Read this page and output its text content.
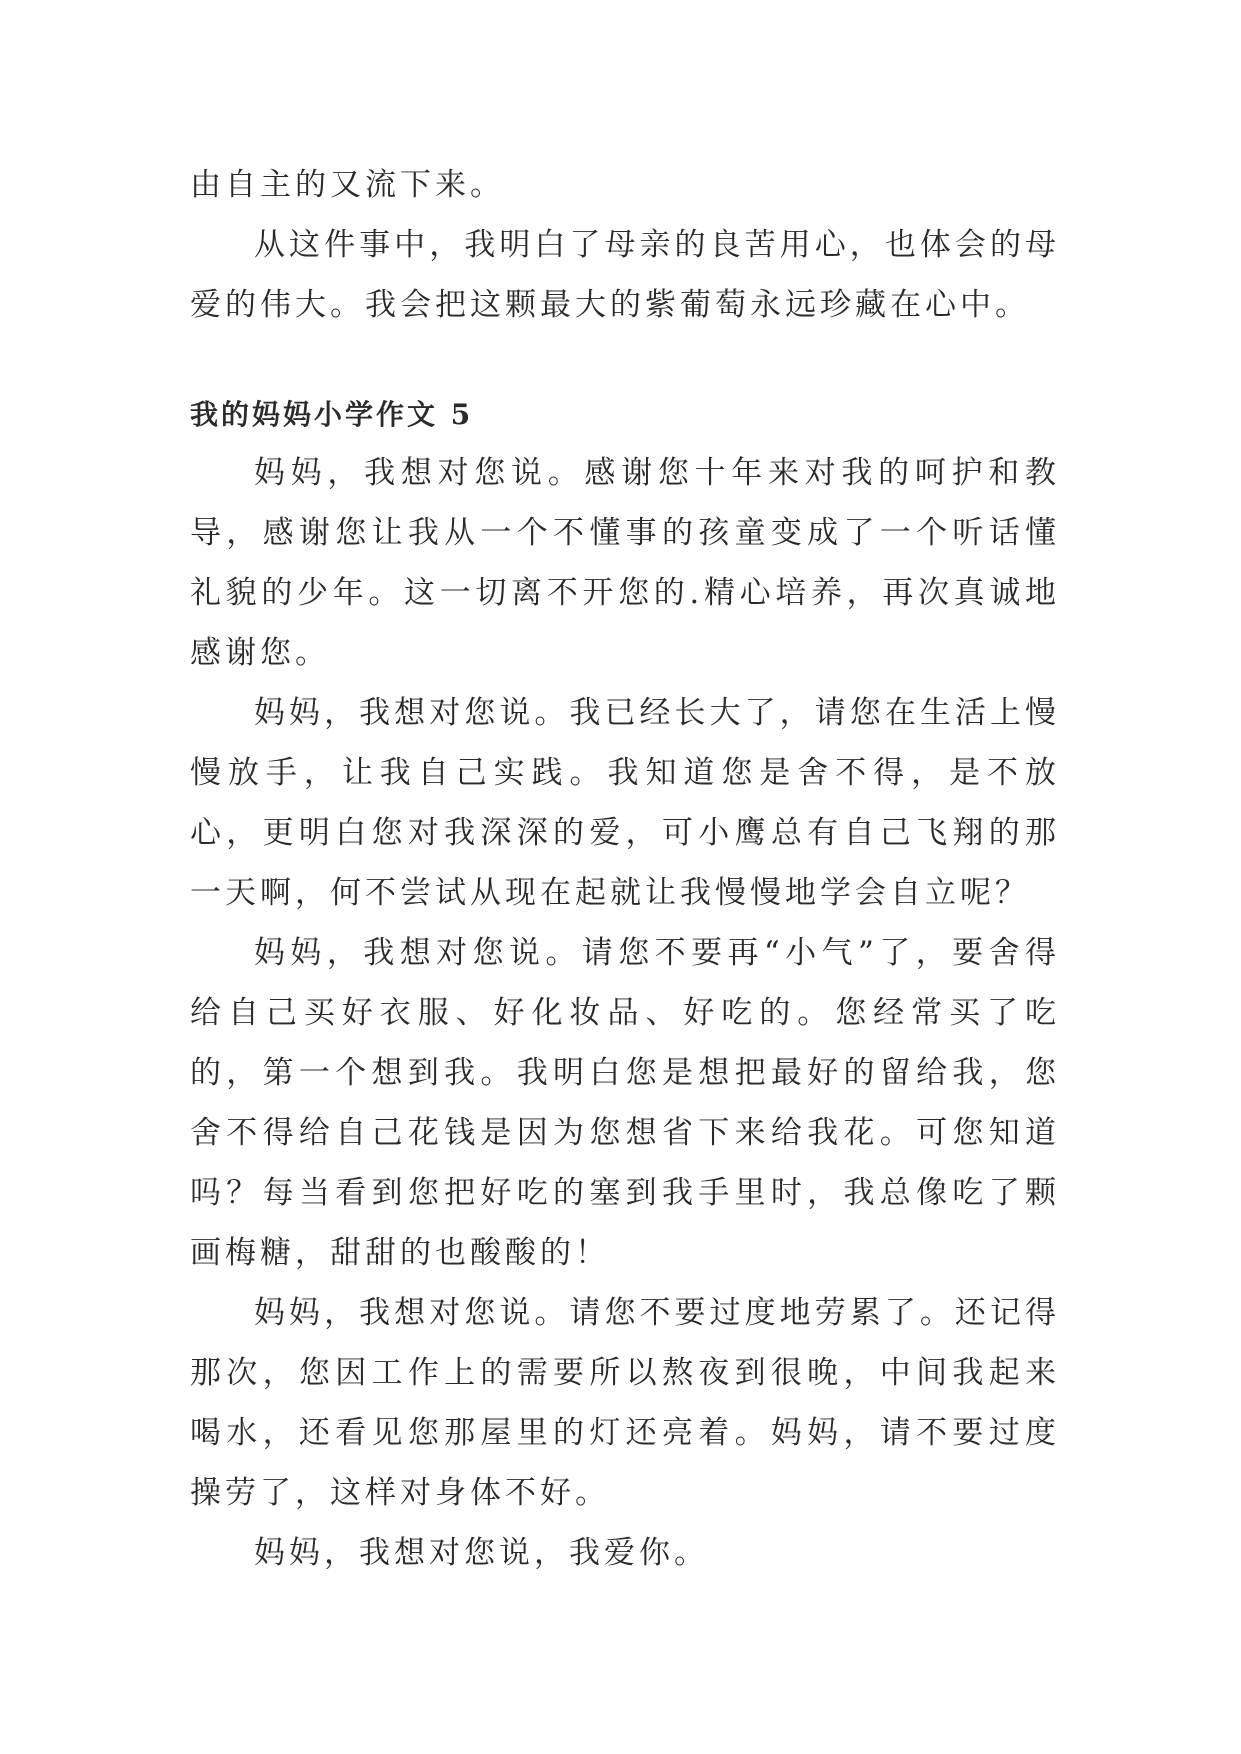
由自主的又流下来。

从这件事中，我明白了母亲的良苦用心，也体会的母爱的伟大。我会把这颗最大的紫葡萄永远珍藏在心中。

我的妈妈小学作文 5

妈妈，我想对您说。感谢您十年来对我的呵护和教导，感谢您让我从一个不懂事的孩童变成了一个听话懂礼貌的少年。这一切离不开您的.精心培养，再次真诚地感谢您。

妈妈，我想对您说。我已经长大了，请您在生活上慢慢放手，让我自己实践。我知道您是舍不得，是不放心，更明白您对我深深的爱，可小鹰总有自己飞翔的那一天啊，何不尝试从现在起就让我慢慢地学会自立呢？

妈妈，我想对您说。请您不要再“小气”了，要舍得给自己买好衣服、好化妆品、好吃的。您经常买了吃的，第一个想到我。我明白您是想把最好的留给我，您舍不得给自己花钱是因为您想省下来给我花。可您知道吗？每当看到您把好吃的塞到我手里时，我总像吃了颗画梅糖，甜甜的也酸酸的！

妈妈，我想对您说。请您不要过度地劳累了。还记得那次，您因工作上的需要所以熬夜到很晚，中间我起来喝水，还看见您那屋里的灯还亮着。妈妈，请不要过度操劳了，这样对身体不好。

妈妈，我想对您说，我爱你。
